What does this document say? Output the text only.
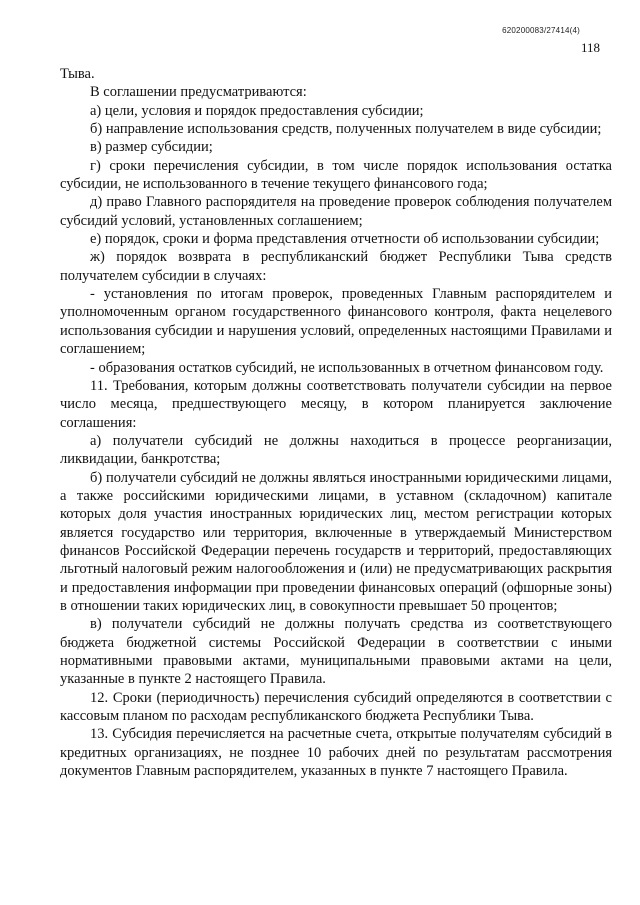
620200083/27414(4)
118

Тыва.

В соглашении предусматриваются:

а) цели, условия и порядок предоставления субсидии;

б) направление использования средств, полученных получателем в виде субсидии;

в) размер субсидии;

г) сроки перечисления субсидии, в том числе порядок использования остатка субсидии, не использованного в течение текущего финансового года;

д) право Главного распорядителя на проведение проверок соблюдения получателем субсидий условий, установленных соглашением;

е) порядок, сроки и форма представления отчетности об использовании субсидии;

ж) порядок возврата в республиканский бюджет Республики Тыва средств получателем субсидии в случаях:

- установления по итогам проверок, проведенных Главным распорядителем и уполномоченным органом государственного финансового контроля, факта нецелевого использования субсидии и нарушения условий, определенных настоящими Правилами и соглашением;

- образования остатков субсидий, не использованных в отчетном финансовом году.

11. Требования, которым должны соответствовать получатели субсидии на первое число месяца, предшествующего месяцу, в котором планируется заключение соглашения:

а) получатели субсидий не должны находиться в процессе реорганизации, ликвидации, банкротства;

б) получатели субсидий не должны являться иностранными юридическими лицами, а также российскими юридическими лицами, в уставном (складочном) капитале которых доля участия иностранных юридических лиц, местом регистрации которых является государство или территория, включенные в утверждаемый Министерством финансов Российской Федерации перечень государств и территорий, предоставляющих льготный налоговый режим налогообложения и (или) не предусматривающих раскрытия и предоставления информации при проведении финансовых операций (офшорные зоны) в отношении таких юридических лиц, в совокупности превышает 50 процентов;

в) получатели субсидий не должны получать средства из соответствующего бюджета бюджетной системы Российской Федерации в соответствии с иными нормативными правовыми актами, муниципальными правовыми актами на цели, указанные в пункте 2 настоящего Правила.

12. Сроки (периодичность) перечисления субсидий определяются в соответствии с кассовым планом по расходам республиканского бюджета Республики Тыва.

13. Субсидия перечисляется на расчетные счета, открытые получателям субсидий в кредитных организациях, не позднее 10 рабочих дней по результатам рассмотрения документов Главным распорядителем, указанных в пункте 7 настоящего Правила.
